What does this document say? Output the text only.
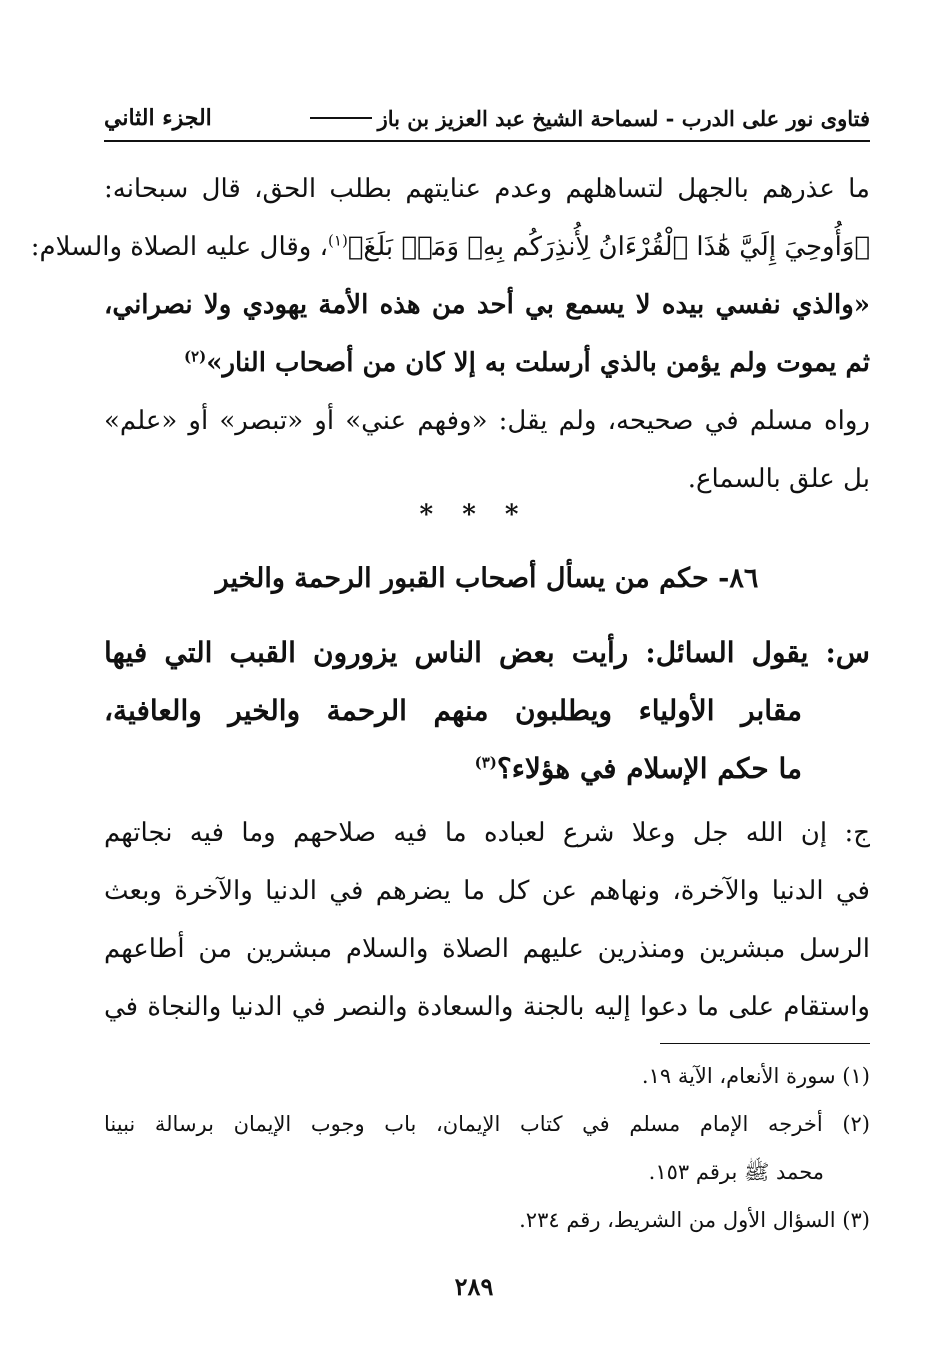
فتاوى نور على الدرب - لسماحة الشيخ عبد العزيز بن باز
الجزء الثاني
ما عذرهم بالجهل لتساهلهم وعدم عنايتهم بطلب الحق، قال سبحانه:
﴿وَأُوحِيَ إِلَيَّ هَٰذَا ٱلْقُرْءَانُ لِأُنذِرَكُم بِهِۦ وَمَنۢ بَلَغَ﴾$^{(١)}$، وقال عليه الصلاة والسلام:
«والذي نفسي بيده لا يسمع بي أحد من هذه الأمة يهودي ولا نصراني،
ثم يموت ولم يؤمن بالذي أرسلت به إلا كان من أصحاب النار»$^{(٢)}$
رواه مسلم في صحيحه، ولم يقل: «وفهم عني» أو «تبصر» أو «علم»
بل علق بالسماع.
* * *
٨٦- حكم من يسأل أصحاب القبور الرحمة والخير
س: يقول السائل: رأيت بعض الناس يزورون القبب التي فيها
مقابر الأولياء ويطلبون منهم الرحمة والخير والعافية،
ما حكم الإسلام في هؤلاء؟$^{(٣)}$
ج: إن الله جل وعلا شرع لعباده ما فيه صلاحهم وما فيه نجاتهم
في الدنيا والآخرة، ونهاهم عن كل ما يضرهم في الدنيا والآخرة وبعث
الرسل مبشرين ومنذرين عليهم الصلاة والسلام مبشرين من أطاعهم
واستقام على ما دعوا إليه بالجنة والسعادة والنصر في الدنيا والنجاة في
(١) سورة الأنعام، الآية ١٩.
(٢) أخرجه الإمام مسلم في كتاب الإيمان، باب وجوب الإيمان برسالة نبينا
محمد ﷺ برقم ١٥٣.
(٣) السؤال الأول من الشريط، رقم ٢٣٤.
٢٨٩
